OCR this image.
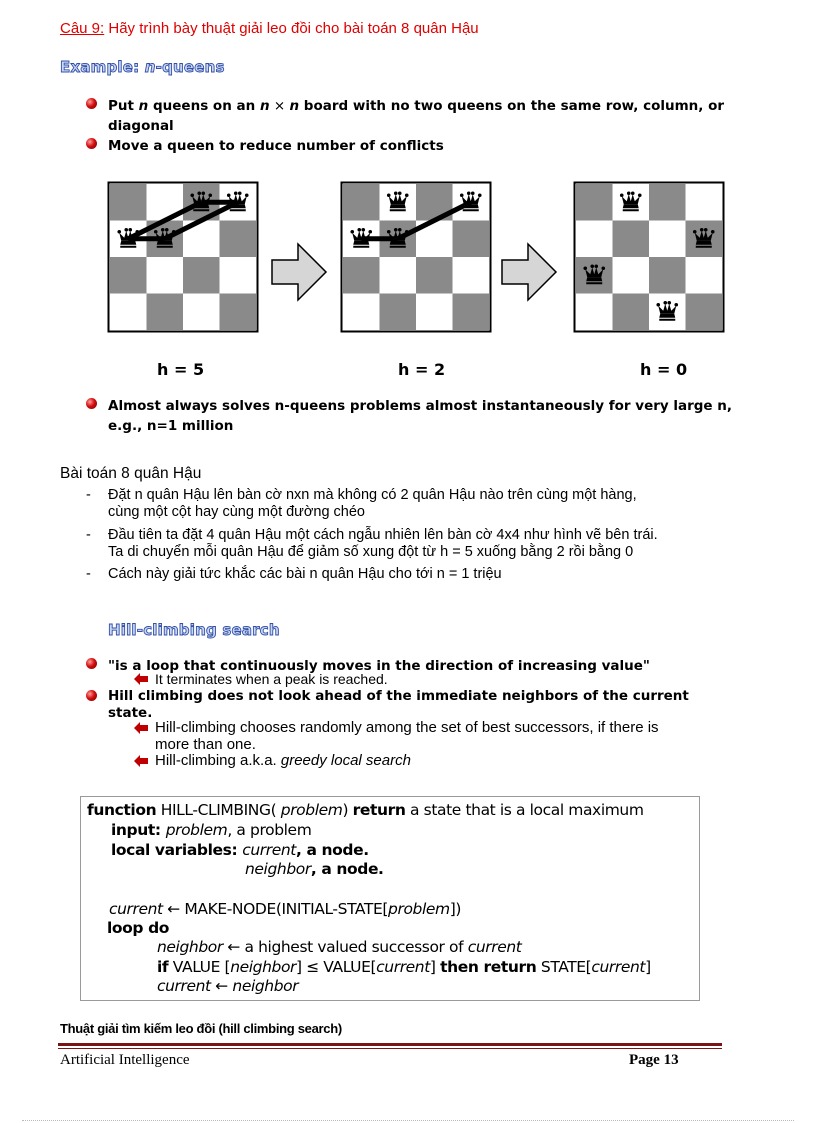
Câu 9: Hãy trình bày thuật giải leo đồi cho bài toán 8 quân Hậu
Example: n-queens
Put n queens on an n × n board with no two queens on the same row, column, or
diagonal
Move a queen to reduce number of conflicts
h = 5	h = 2	h = 0
Almost always solves n-queens problems almost instantaneously for very large n,
e.g., n=1 million
Bài toán 8 quân Hậu
- Đặt n quân Hậu lên bàn cờ nxn mà không có 2 quân Hậu nào trên cùng một hàng,
cùng một cột hay cùng một đường chéo
- Đầu tiên ta đặt 4 quân Hậu một cách ngẫu nhiên lên bàn cờ 4x4 như hình vẽ bên trái.
Ta di chuyển mỗi quân Hậu để giảm số xung đột từ h = 5 xuống bằng 2 rồi bằng 0
- Cách này giải tức khắc các bài n quân Hậu cho tới n = 1 triệu
Hill-climbing search
"is a loop that continuously moves in the direction of increasing value"
It terminates when a peak is reached.
Hill climbing does not look ahead of the immediate neighbors of the current
state.
Hill-climbing chooses randomly among the set of best successors, if there is
more than one.
Hill-climbing a.k.a. greedy local search
function HILL-CLIMBING( problem) return a state that is a local maximum
input: problem, a problem
local variables: current, a node.
neighbor, a node.
current ← MAKE-NODE(INITIAL-STATE[problem])
loop do
neighbor ← a highest valued successor of current
if VALUE [neighbor] ≤ VALUE[current] then return STATE[current]
current ← neighbor
Thuật giải tìm kiếm leo đồi (hill climbing search)
Artificial Intelligence	Page 13
